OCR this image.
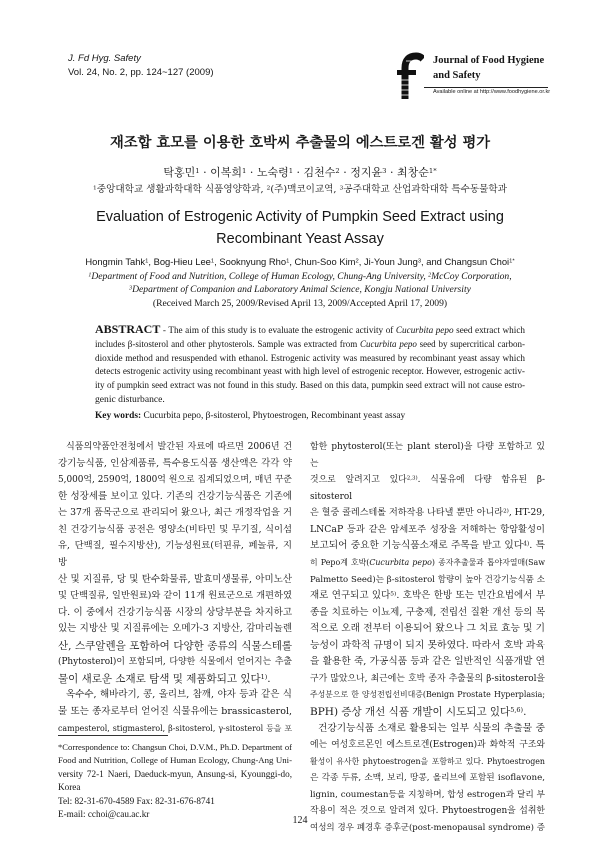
J. Fd Hyg. Safety
Vol. 24, No. 2, pp. 124~127 (2009)
Journal of Food Hygiene
and Safety
Available online at http://www.foodhygiene.or.kr
재조합 효모를 이용한 호박씨 추출물의 에스트로겐 활성 평가
탁홍민$^1$ · 이복희$^1$ · 노숙령$^1$ · 김천수$^2$ · 정지윤$^3$ · 최창순$^{1*}$
$^1$중앙대학교 생활과학대학 식품영양학과, $^2$(주)맥코이교역, $^3$공주대학교 산업과학대학 특수동물학과
Evaluation of Estrogenic Activity of Pumpkin Seed Extract using
Recombinant Yeast Assay
Hongmin Tahk$^1$, Bog-Hieu Lee$^1$, Sooknyung Rho$^1$, Chun-Soo Kim$^2$, Ji-Youn Jung$^3$, and Changsun Choi$^{1*}$
$^1$Department of Food and Nutrition, College of Human Ecology, Chung-Ang University, $^2$McCoy Corporation,
$^3$Department of Companion and Laboratory Animal Science, Kongju National University
(Received March 25, 2009/Revised April 13, 2009/Accepted April 17, 2009)
ABSTRACT - The aim of this study is to evaluate the estrogenic activity of Cucurbita pepo seed extract which
includes β-sitosterol and other phytosterols. Sample was extracted from Cucurbita pepo seed by supercritical carbon-
dioxide method and resuspended with ethanol. Estrogenic activity was measured by recombinant yeast assay which
detects estrogenic activity using recombinant yeast with high level of estrogenic receptor. However, estrogenic activ-
ity of pumpkin seed extract was not found in this study. Based on this data, pumpkin seed extract will not cause estro-
genic disturbance.
Key words: Cucurbita pepo, β-sitosterol, Phytoestrogen, Recombinant yeast assay
식품의약품안전청에서 발간된 자료에 따르면 2006년 건
강기능식품, 인삼제품류, 특수용도식품 생산액은 각각 약
5,000억, 2590억, 1800억 원으로 집계되었으며, 매년 꾸준
한 성장세를 보이고 있다. 기존의 건강기능식품은 기존에
는 37개 품목군으로 관리되어 왔으나, 최근 개정작업을 거
친 건강기능식품 공전은 영양소(비타민 및 무기질, 식이섬
유, 단백질, 필수지방산), 기능성원료(터핀류, 페놀류, 지방
산 및 지질류, 당 및 탄수화물류, 발효미생물류, 아미노산
및 단백질류, 일반원료)와 같이 11개 원료군으로 개편하였
다. 이 중에서 건강기능식품 시장의 상당부분을 차지하고
있는 지방산 및 지질류에는 오메가-3 지방산, 감마리놀렌
산, 스쿠알렌을 포함하여 다양한 종류의 식물스테롤
(Phytosterol)이 포함되며, 다양한 식물에서 얻어지는 추출
물이 새로운 소재로 탐색 및 제품화되고 있다$^{1)}$.
옥수수, 해바라기, 콩, 올리브, 참깨, 야자 등과 같은 식
물 또는 종자로부터 얻어진 식물유에는 brassicasterol,
campesterol, stigmasterol, β-sitosterol, γ-sitosterol 등을 포
함한 phytosterol(또는 plant sterol)을 다량 포함하고 있는
것으로 알려지고 있다$^{2,3)}$. 식물유에 다량 함유된 β-sitosterol
은 혈중 콜레스테롤 저하작용 나타낼 뿐만 아니라$^{2)}$, HT-29,
LNCaP 등과 같은 암세포주 성장을 저해하는 항암활성이
보고되어 중요한 기능식품소재로 주목을 받고 있다$^{4)}$. 특
히 Pepo계 호박(Cucurbita pepo) 종자추출물과 톱야자열매(Saw
Palmetto Seed)는 β-sitosterol 함량이 높아 건강기능식품 소
재로 연구되고 있다$^{5)}$. 호박은 한방 또는 민간요법에서 부
종을 치료하는 이뇨제, 구충제, 전립선 질환 개선 등의 목
적으로 오래 전부터 이용되어 왔으나 그 치료 효능 및 기
능성이 과학적 규명이 되지 못하였다. 따라서 호박 과육
을 활용한 죽, 가공식품 등과 같은 일반적인 식품개발 연
구가 많았으나, 최근에는 호박 종자 추출물의 β-sitosterol을
주성분으로 한 양성전립선비대증(Benign Prostate Hyperplasia;
BPH) 증상 개선 식품 개발이 시도되고 있다$^{5,6)}$.
건강기능식품 소재로 활용되는 일부 식물의 추출물 중
에는 여성호르몬인 에스트로겐(Estrogen)과 화학적 구조와
활성이 유사한 phytoestrogen을 포함하고 있다. Phytoestrogen
은 각종 두류, 소맥, 보리, 땅콩, 올리브에 포함된 isoflavone,
lignin, coumestan등을 지칭하며, 합성 estrogen과 달리 부
작용이 적은 것으로 알려져 있다. Phytoestrogen을 섭취한
여성의 경우 폐경후 증후군(post-menopausal syndrome) 증
*Correspondence to: Changsun Choi, D.V.M., Ph.D. Department of
Food and Nutrition, College of Human Ecology, Chung-Ang Uni-
versity 72-1 Naeri, Daeduck-myun, Ansung-si, Kyounggi-do,
Korea
Tel: 82-31-670-4589 Fax: 82-31-676-8741
E-mail: cchoi@cau.ac.kr
124
